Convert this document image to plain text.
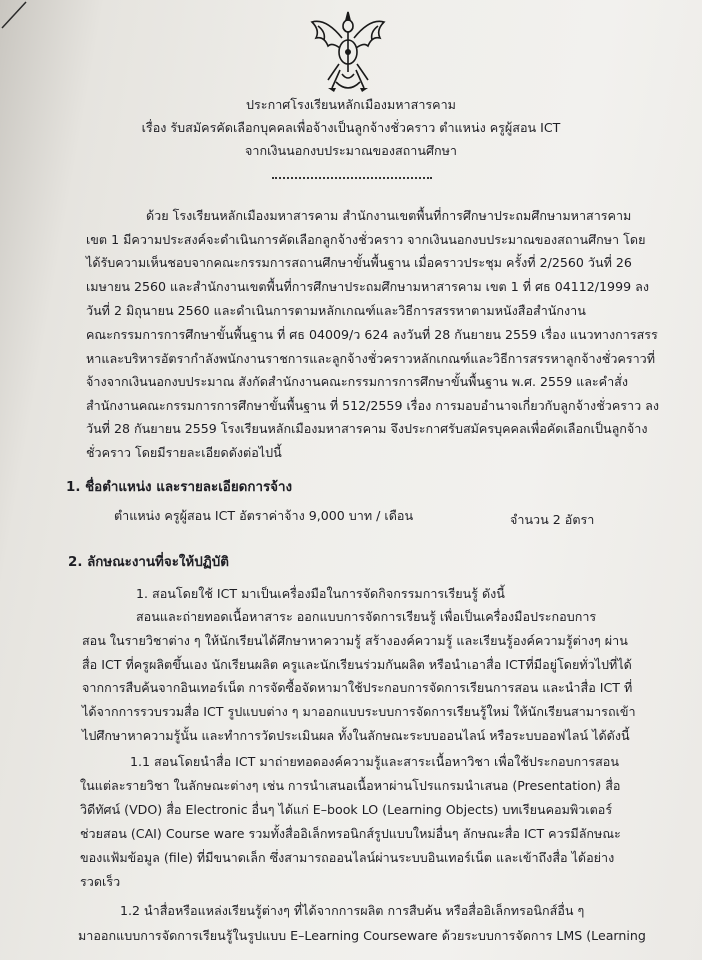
ประกาศโรงเรียนหลักเมืองมหาสารคาม
เรื่อง รับสมัครคัดเลือกบุคคลเพื่อจ้างเป็นลูกจ้างชั่วคราว ตำแหน่ง ครูผู้สอน ICT
จากเงินนอกงบประมาณของสถานศึกษา
ด้วย โรงเรียนหลักเมืองมหาสารคาม สำนักงานเขตพื้นที่การศึกษาประถมศึกษามหาสารคาม
เขต 1 มีความประสงค์จะดำเนินการคัดเลือกลูกจ้างชั่วคราว จากเงินนอกงบประมาณของสถานศึกษา โดย
ได้รับความเห็นชอบจากคณะกรรมการสถานศึกษาขั้นพื้นฐาน เมื่อคราวประชุม ครั้งที่ 2/2560 วันที่ 26
เมษายน 2560 และสำนักงานเขตพื้นที่การศึกษาประถมศึกษามหาสารคาม เขต 1 ที่ ศธ 04112/1999 ลง
วันที่ 2 มิถุนายน 2560 และดำเนินการตามหลักเกณฑ์และวิธีการสรรหาตามหนังสือสำนักงาน
คณะกรรมการการศึกษาขั้นพื้นฐาน ที่ ศธ 04009/ว 624 ลงวันที่ 28 กันยายน 2559 เรื่อง แนวทางการสรร
หาและบริหารอัตรากำลังพนักงานราชการและลูกจ้างชั่วคราวหลักเกณฑ์และวิธีการสรรหาลูกจ้างชั่วคราวที่
จ้างจากเงินนอกงบประมาณ สังกัดสำนักงานคณะกรรมการการศึกษาขั้นพื้นฐาน พ.ศ. 2559 และคำสั่ง
สำนักงานคณะกรรมการการศึกษาขั้นพื้นฐาน ที่ 512/2559 เรื่อง การมอบอำนาจเกี่ยวกับลูกจ้างชั่วคราว ลง
วันที่ 28 กันยายน 2559 โรงเรียนหลักเมืองมหาสารคาม จึงประกาศรับสมัครบุคคลเพื่อคัดเลือกเป็นลูกจ้าง
ชั่วคราว โดยมีรายละเอียดดังต่อไปนี้
1. ชื่อตำแหน่ง และรายละเอียดการจ้าง
ตำแหน่ง ครูผู้สอน ICT อัตราค่าจ้าง 9,000 บาท / เดือน	จำนวน 2 อัตรา
2. ลักษณะงานที่จะให้ปฏิบัติ
1. สอนโดยใช้ ICT มาเป็นเครื่องมือในการจัดกิจกรรมการเรียนรู้ ดังนี้
สอนและถ่ายทอดเนื้อหาสาระ ออกแบบการจัดการเรียนรู้ เพื่อเป็นเครื่องมือประกอบการ
สอน ในรายวิชาต่าง ๆ ให้นักเรียนได้ศึกษาหาความรู้ สร้างองค์ความรู้ และเรียนรู้องค์ความรู้ต่างๆ ผ่าน
สื่อ ICT ที่ครูผลิตขึ้นเอง นักเรียนผลิต ครูและนักเรียนร่วมกันผลิต หรือนำเอาสื่อ ICTที่มีอยู่โดยทั่วไปที่ได้
จากการสืบค้นจากอินเทอร์เน็ต การจัดซื้อจัดหามาใช้ประกอบการจัดการเรียนการสอน และนำสื่อ ICT ที่
ได้จากการรวบรวมสื่อ ICT รูปแบบต่าง ๆ มาออกแบบระบบการจัดการเรียนรู้ใหม่ ให้นักเรียนสามารถเข้า
ไปศึกษาหาความรู้นั้น และทำการวัดประเมินผล ทั้งในลักษณะระบบออนไลน์ หรือระบบออฟไลน์ ได้ดังนี้
1.1 สอนโดยนำสื่อ ICT มาถ่ายทอดองค์ความรู้และสาระเนื้อหาวิชา เพื่อใช้ประกอบการสอน
ในแต่ละรายวิชา ในลักษณะต่างๆ เช่น การนำเสนอเนื้อหาผ่านโปรแกรมนำเสนอ (Presentation) สื่อ
วิดีทัศน์ (VDO) สื่อ Electronic อื่นๆ ได้แก่ E–book LO (Learning Objects) บทเรียนคอมพิวเตอร์
ช่วยสอน (CAI) Course ware รวมทั้งสื่ออิเล็กทรอนิกส์รูปแบบใหม่อื่นๆ ลักษณะสื่อ ICT ควรมีลักษณะ
ของแฟ้มข้อมูล (file) ที่มีขนาดเล็ก ซึ่งสามารถออนไลน์ผ่านระบบอินเทอร์เน็ต และเข้าถึงสื่อ ได้อย่าง
รวดเร็ว
1.2 นำสื่อหรือแหล่งเรียนรู้ต่างๆ ที่ได้จากการผลิต การสืบค้น หรือสื่ออิเล็กทรอนิกส์อื่น ๆ
มาออกแบบการจัดการเรียนรู้ในรูปแบบ E–Learning Courseware ด้วยระบบการจัดการ LMS (Learning
